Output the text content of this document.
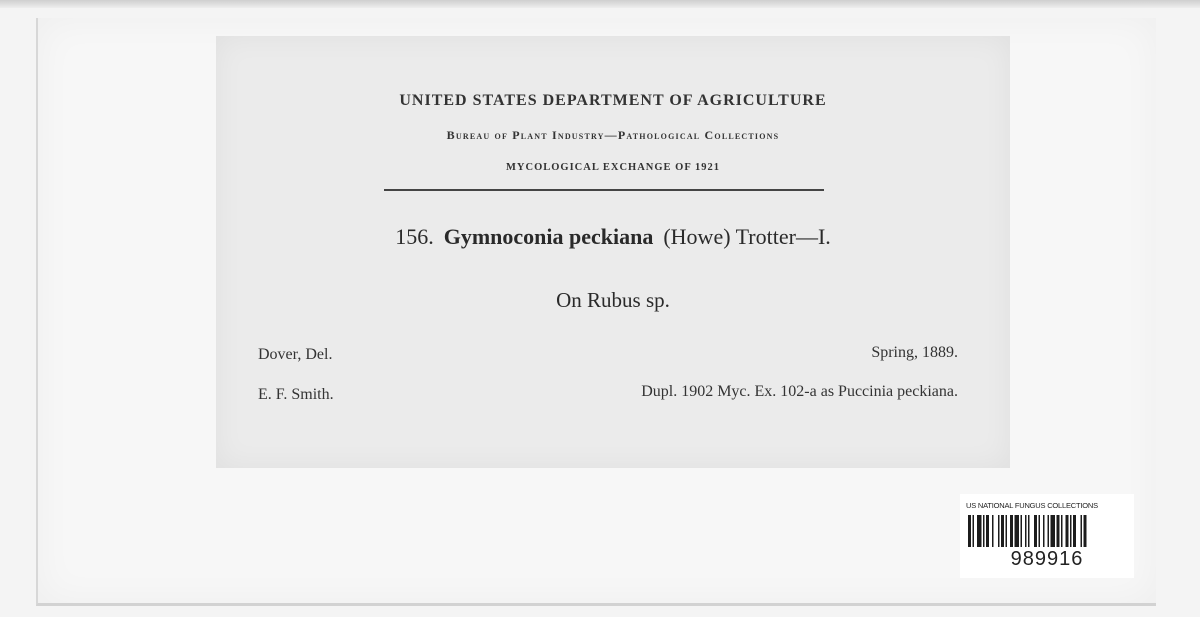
UNITED STATES DEPARTMENT OF AGRICULTURE
Bureau of Plant Industry—Pathological Collections
MYCOLOGICAL EXCHANGE OF 1921
156. Gymnoconia peckiana (Howe) Trotter—I.
On Rubus sp.
Dover, Del.	Spring, 1889.
E. F. Smith.	Dupl. 1902 Myc. Ex. 102-a as Puccinia peckiana.
US NATIONAL FUNGUS COLLECTIONS
989916
